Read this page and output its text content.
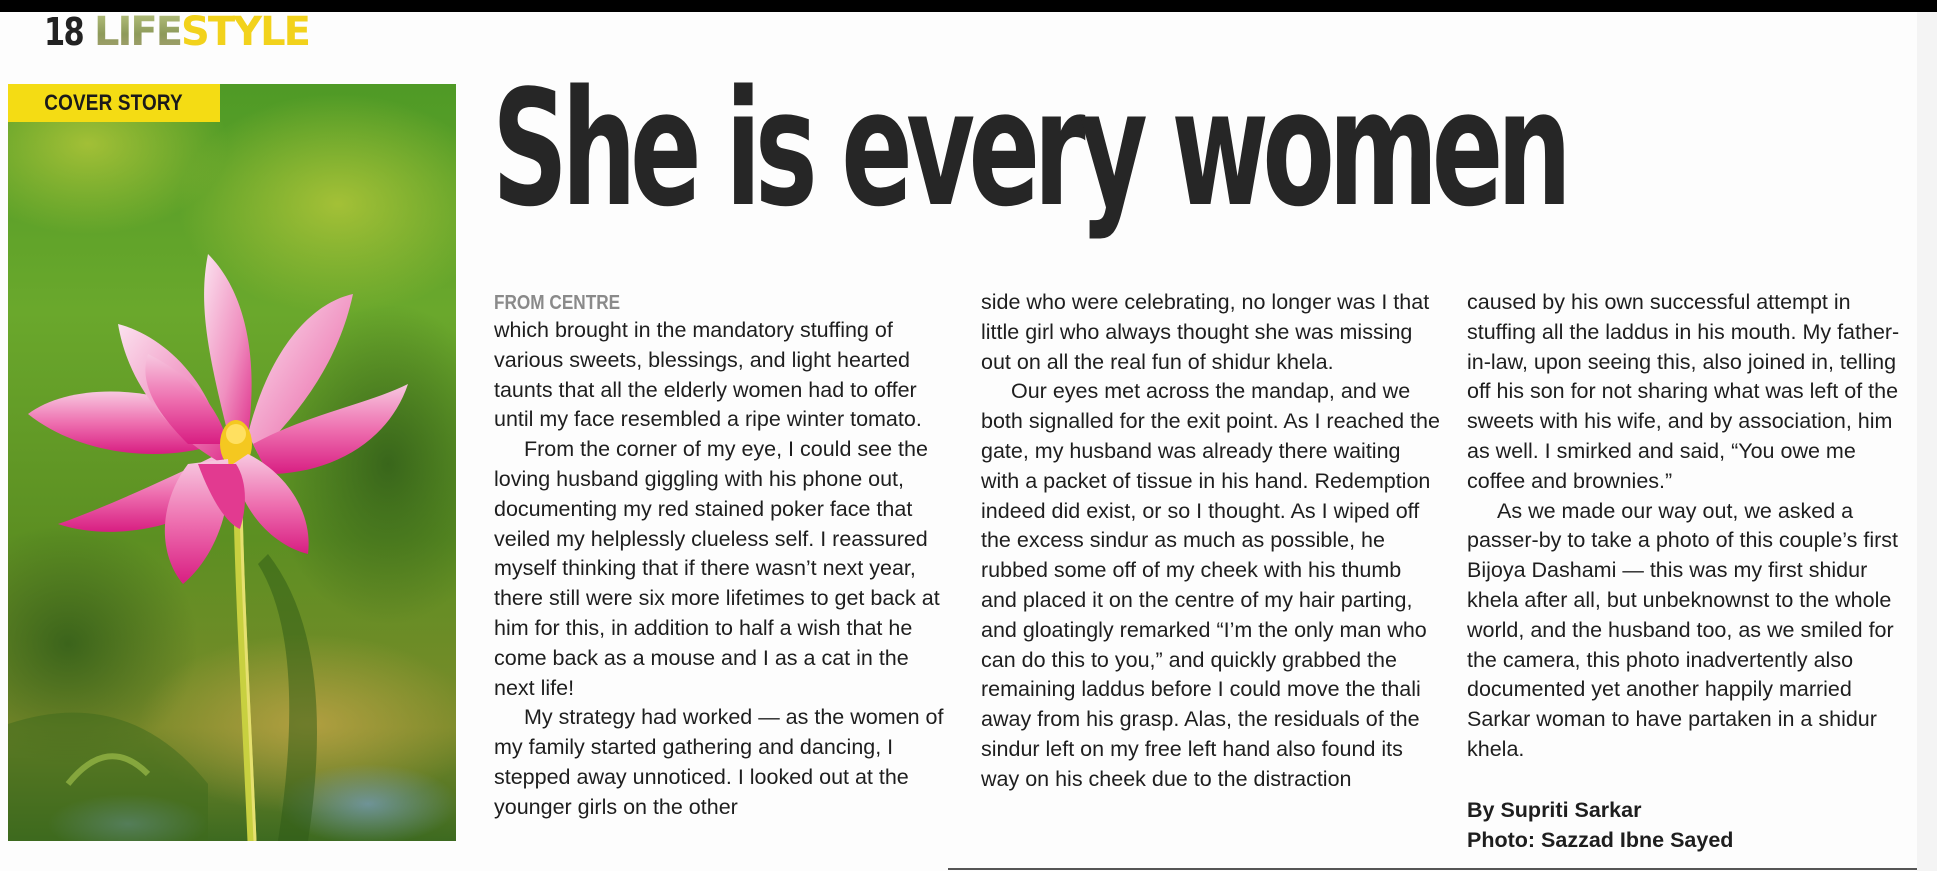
18 LIFE STYLE
COVER STORY She is every women
FROM CENTRE

which brought in the mandatory stuffing of various sweets, blessings, and light hearted taunts that all the elderly women had to offer until my face resembled a ripe winter tomato.

From the corner of my eye, I could see the loving husband giggling with his phone out, documenting my red stained poker face that veiled my helplessly clueless self. I reassured myself thinking that if there wasn’t next year, there still were six more lifetimes to get back at him for this, in addition to half a wish that he come back as a mouse and I as a cat in the next life!

My strategy had worked — as the women of my family started gathering and dancing, I stepped away unnoticed. I looked out at the younger girls on the other

side who were celebrating, no longer was I that little girl who always thought she was missing out on all the real fun of shidur khela.

Our eyes met across the mandap, and we both signalled for the exit point. As I reached the gate, my husband was already there waiting with a packet of tissue in his hand. Redemption indeed did exist, or so I thought. As I wiped off the excess sindur as much as possible, he rubbed some off of my cheek with his thumb and placed it on the centre of my hair parting, and gloatingly remarked “I’m the only man who can do this to you,” and quickly grabbed the remaining laddus before I could move the thali away from his grasp. Alas, the residuals of the sindur left on my free left hand also found its way on his cheek due to the distraction

caused by his own successful attempt in stuffing all the laddus in his mouth. My father-in-law, upon seeing this, also joined in, telling off his son for not sharing what was left of the sweets with his wife, and by association, him as well. I smirked and said, “You owe me coffee and brownies.”

As we made our way out, we asked a passer-by to take a photo of this couple’s first Bijoya Dashami — this was my first shidur khela after all, but unbeknownst to the whole world, and the husband too, as we smiled for the camera, this photo inadvertently also documented yet another happily married Sarkar woman to have partaken in a shidur khela.

By Supriti Sarkar
Photo: Sazzad Ibne Sayed
